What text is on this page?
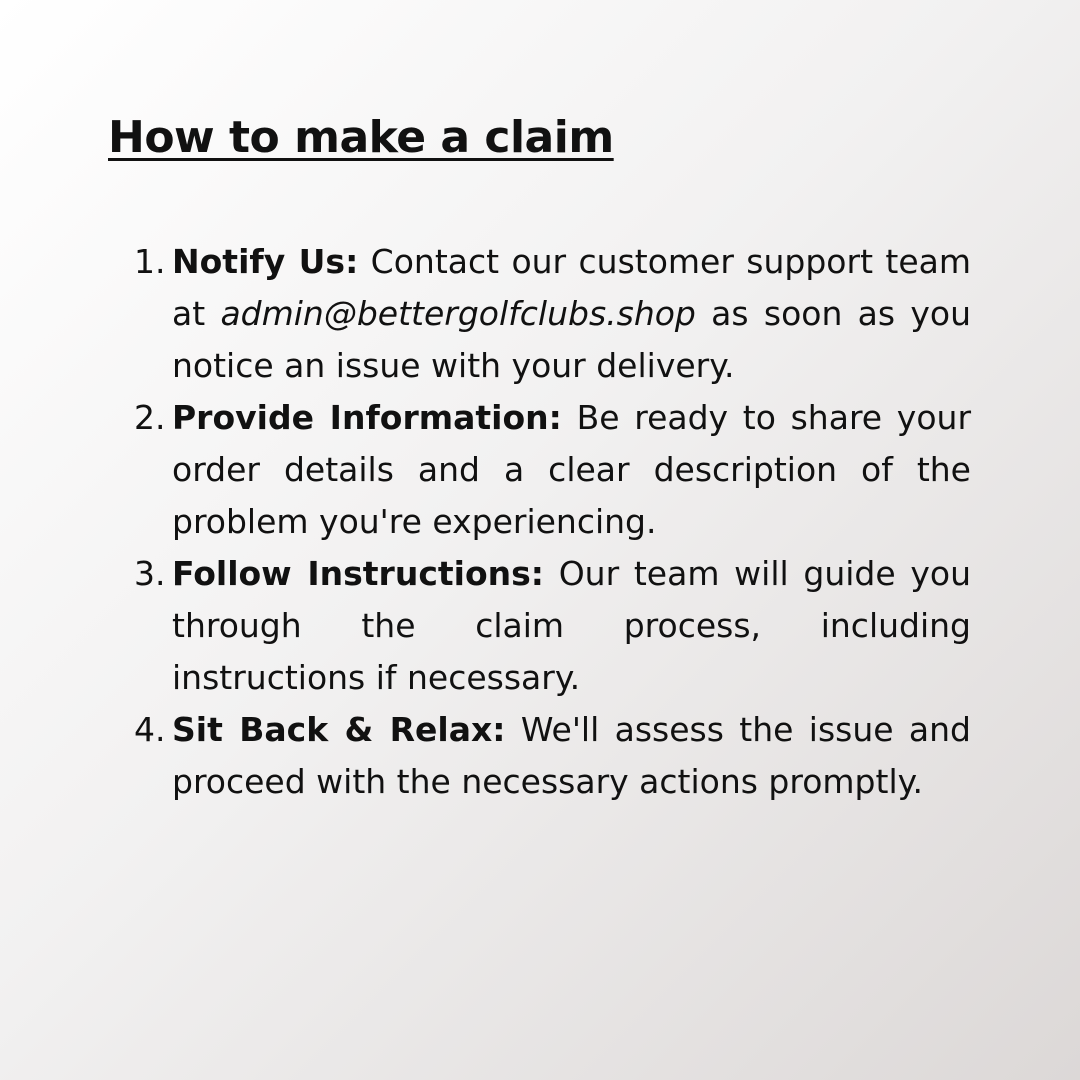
How to make a claim
1. Notify Us: Contact our customer support team at admin@bettergolfclubs.shop as soon as you notice an issue with your delivery.
2. Provide Information: Be ready to share your order details and a clear description of the problem you're experiencing.
3. Follow Instructions: Our team will guide you through the claim process, including instructions if necessary.
4. Sit Back & Relax: We'll assess the issue and proceed with the necessary actions promptly.
